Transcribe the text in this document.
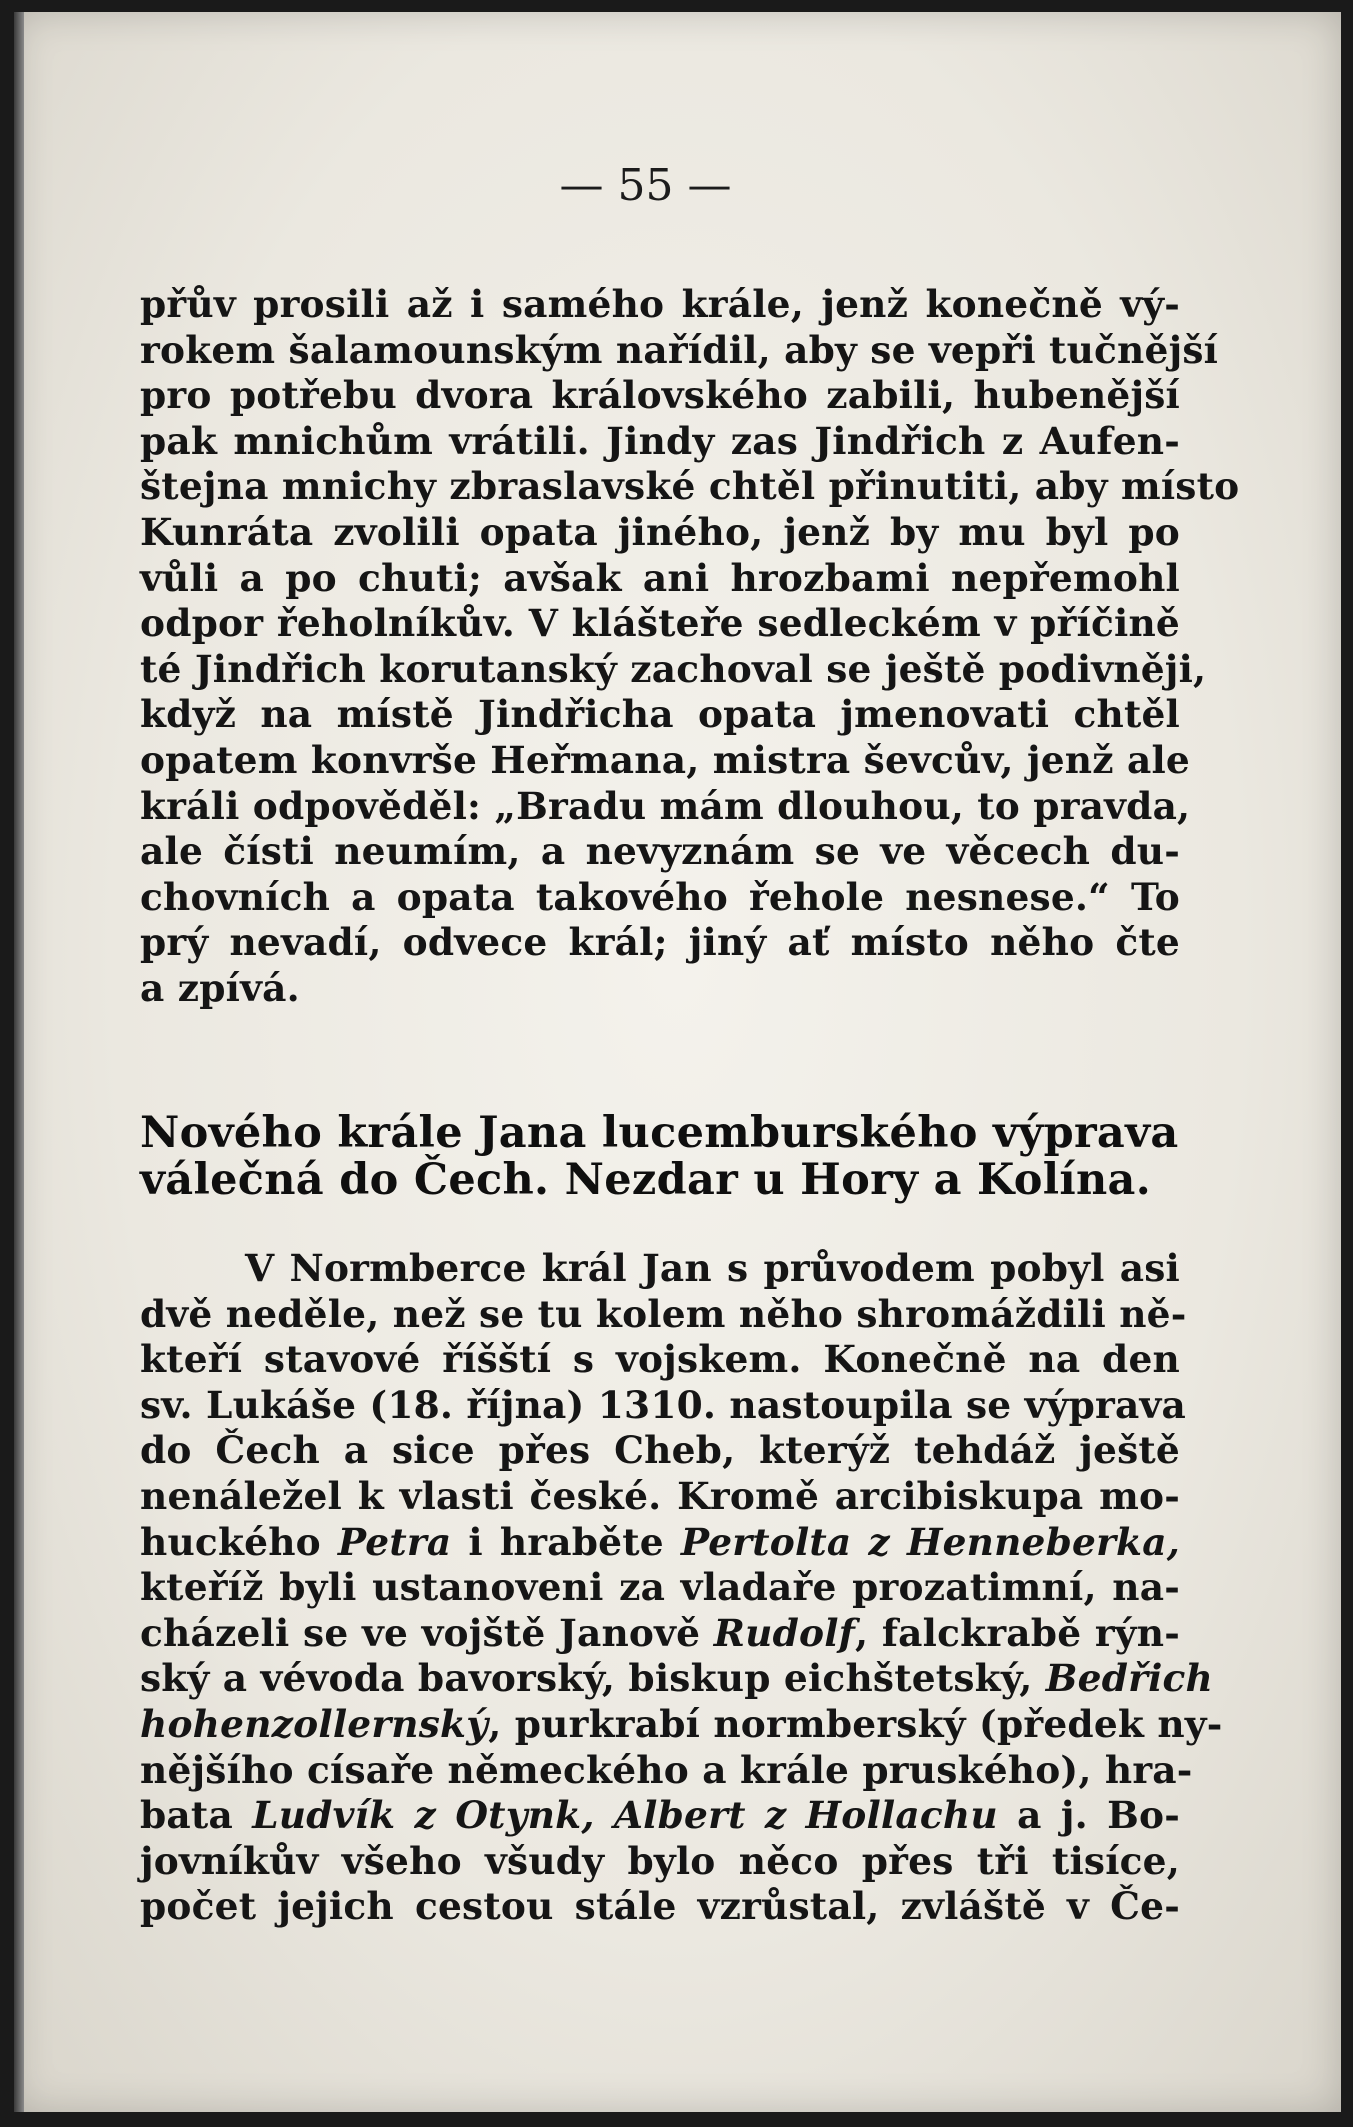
— 55 —

přův prosili až i samého krále, jenž konečně vý-
rokem šalamounským nařídil, aby se vepři tučnější
pro potřebu dvora královského zabili, hubenější
pak mnichům vrátili. Jindy zas Jindřich z Aufen-
štejna mnichy zbraslavské chtěl přinutiti, aby místo
Kunráta zvolili opata jiného, jenž by mu byl po
vůli a po chuti; avšak ani hrozbami nepřemohl
odpor řeholníkův. V klášteře sedleckém v příčině
té Jindřich korutanský zachoval se ještě podivněji,
když na místě Jindřicha opata jmenovati chtěl
opatem konvrše Heřmana, mistra ševcův, jenž ale
králi odpověděl: „Bradu mám dlouhou, to pravda,
ale čísti neumím, a nevyznám se ve věcech du-
chovních a opata takového řehole nesnese.“ To
prý nevadí, odvece král; jiný ať místo něho čte
a zpívá.

Nového krále Jana lucemburského výprava
válečná do Čech. Nezdar u Hory a Kolína.

V Normberce král Jan s průvodem pobyl asi
dvě neděle, než se tu kolem něho shromáždili ně-
kteří stavové říšští s vojskem. Konečně na den
sv. Lukáše (18. října) 1310. nastoupila se výprava
do Čech a sice přes Cheb, kterýž tehdáž ještě
nenáležel k vlasti české. Kromě arcibiskupa mo-
huckého Petra i hraběte Pertolta z Henneberka,
kteříž byli ustanoveni za vladaře prozatimní, na-
cházeli se ve vojště Janově Rudolf, falckrabě rýn-
ský a vévoda bavorský, biskup eichštetský, Bedřich
hohenzollernský, purkrabí normberský (předek ny-
nějšího císaře německého a krále pruského), hra-
bata Ludvík z Otynk, Albert z Hollachu a j. Bo-
jovníkův všeho všudy bylo něco přes tři tisíce,
počet jejich cestou stále vzrůstal, zvláště v Če-
